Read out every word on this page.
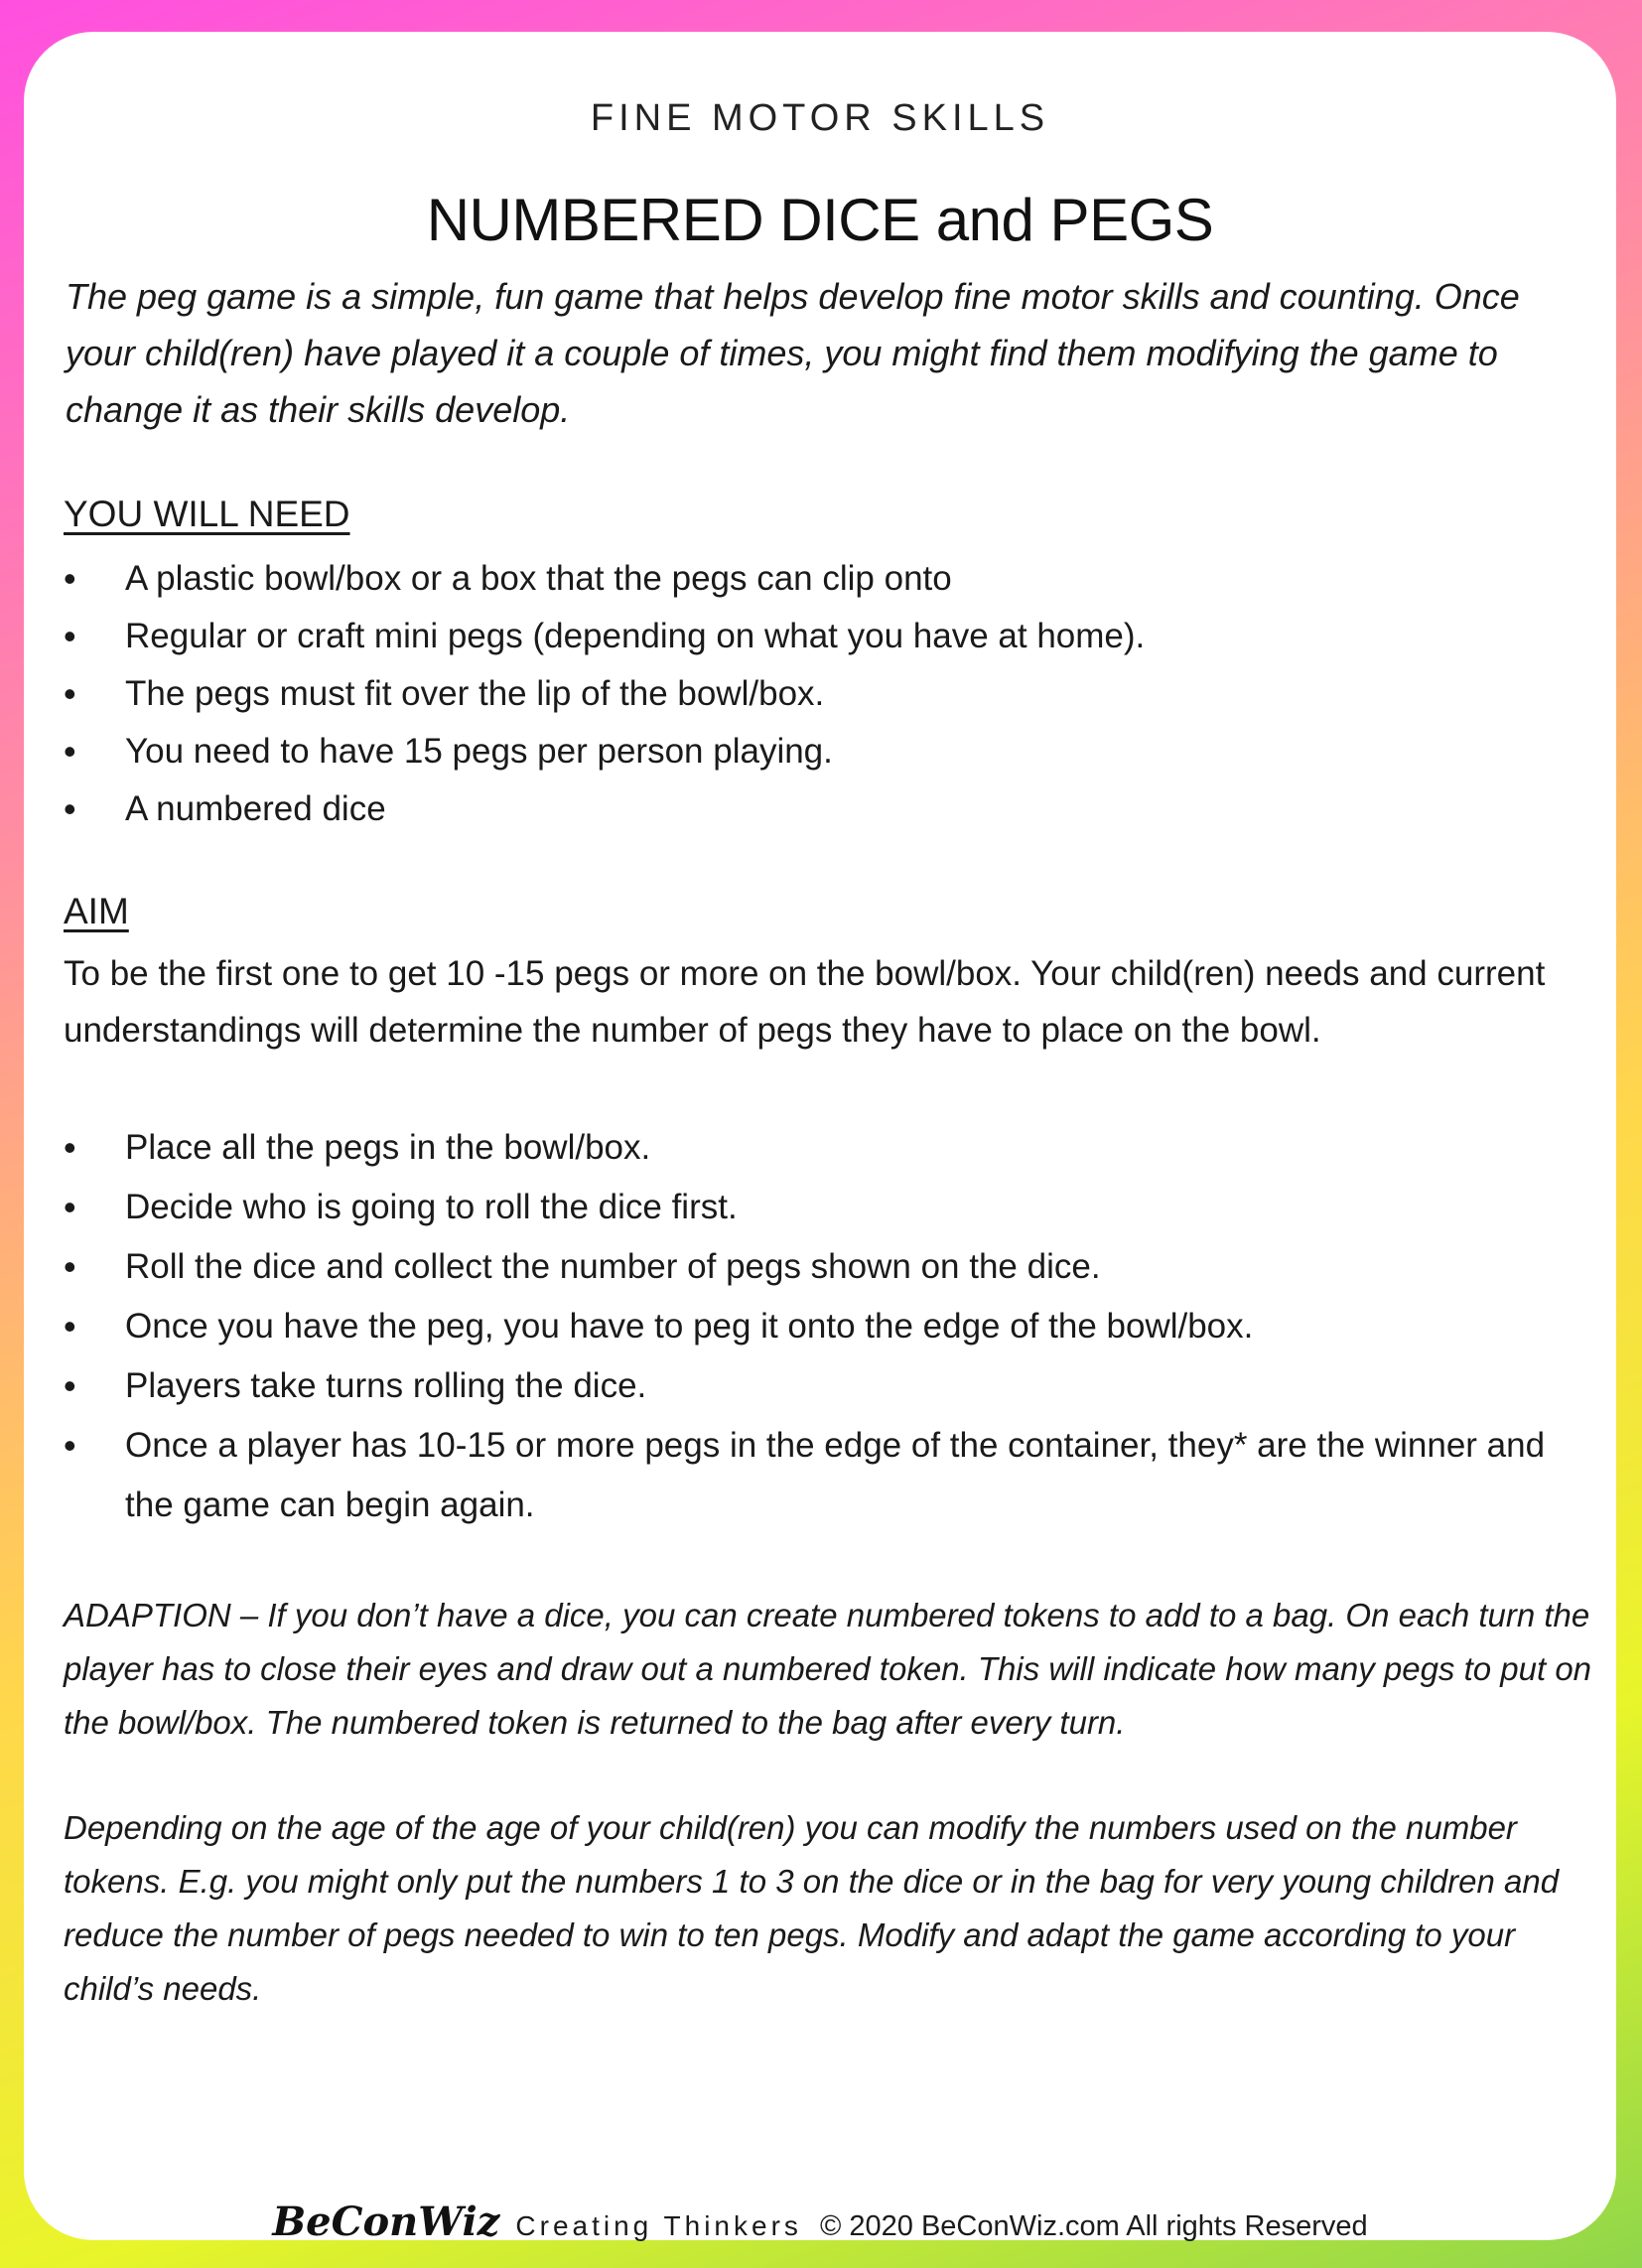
FINE MOTOR SKILLS
NUMBERED DICE and PEGS

The peg game is a simple, fun game that helps develop fine motor skills and counting. Once your child(ren) have played it a couple of times, you might find them modifying the game to change it as their skills develop.

YOU WILL NEED
• A plastic bowl/box or a box that the pegs can clip onto
• Regular or craft mini pegs (depending on what you have at home).
• The pegs must fit over the lip of the bowl/box.
• You need to have 15 pegs per person playing.
• A numbered dice
AIM

To be the first one to get 10 -15 pegs or more on the bowl/box. Your child(ren) needs and current understandings will determine the number of pegs they have to place on the bowl.

• Place all the pegs in the bowl/box.
• Decide who is going to roll the dice first.
• Roll the dice and collect the number of pegs shown on the dice.
• Once you have the peg, you have to peg it onto the edge of the bowl/box.
• Players take turns rolling the dice.
• Once a player has 10-15 or more pegs in the edge of the container, they* are the winner and the game can begin again.

ADAPTION – If you don’t have a dice, you can create numbered tokens to add to a bag. On each turn the player has to close their eyes and draw out a numbered token. This will indicate how many pegs to put on the bowl/box. The numbered token is returned to the bag after every turn.

Depending on the age of the age of your child(ren) you can modify the numbers used on the number tokens. E.g. you might only put the numbers 1 to 3 on the dice or in the bag for very young children and reduce the number of pegs needed to win to ten pegs. Modify and adapt the game according to your child’s needs.

BeConWiz Creating Thinkers © 2020 BeConWiz.com All rights Reserved
